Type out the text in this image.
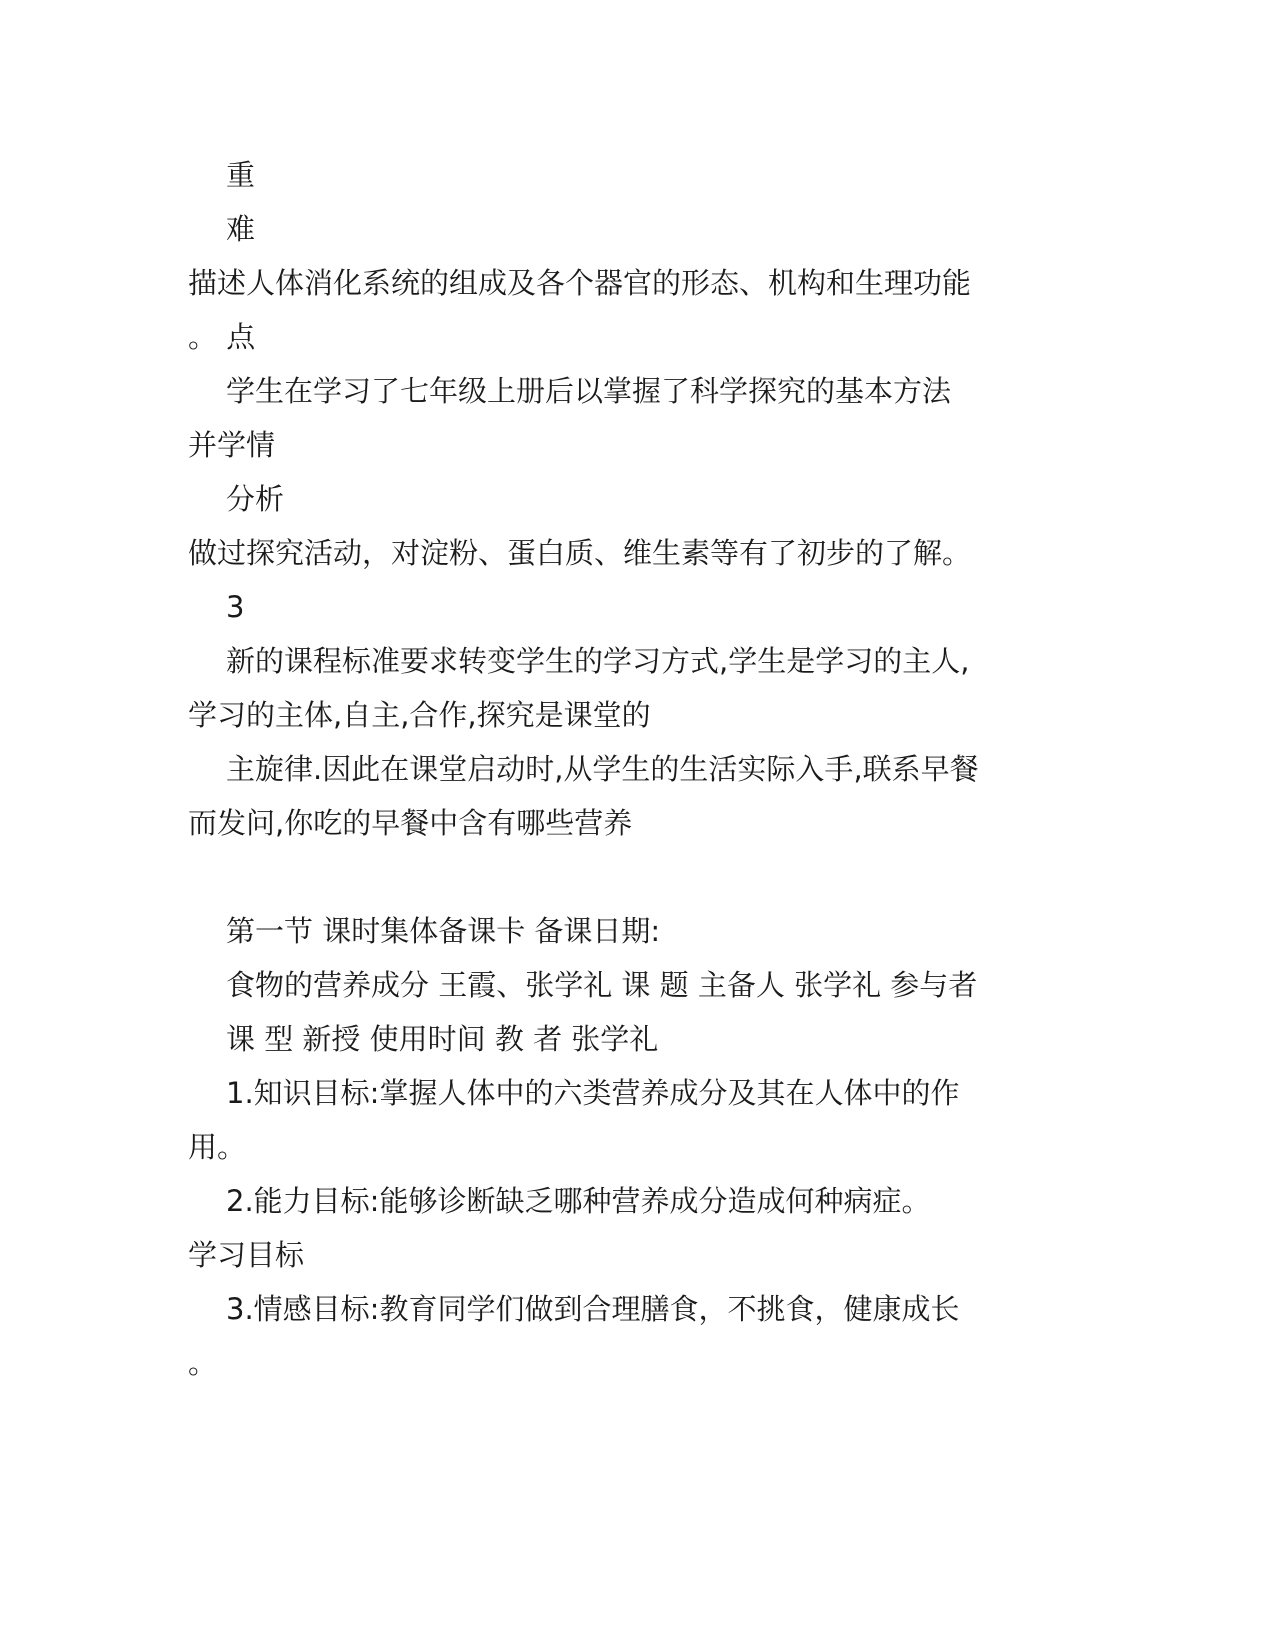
重

难

描述人体消化系统的组成及各个器官的形态、机构和生理功能

。 点

学生在学习了七年级上册后以掌握了科学探究的基本方法

并学情

分析

做过探究活动，对淀粉、蛋白质、维生素等有了初步的了解。

3

新的课程标准要求转变学生的学习方式,学生是学习的主人,

学习的主体,自主,合作,探究是课堂的

主旋律.因此在课堂启动时,从学生的生活实际入手,联系早餐

而发问,你吃的早餐中含有哪些营养

第一节 课时集体备课卡 备课日期:

食物的营养成分 王霞、张学礼 课 题 主备人 张学礼 参与者

课 型 新授 使用时间 教 者 张学礼

1.知识目标:掌握人体中的六类营养成分及其在人体中的作

用。

2.能力目标:能够诊断缺乏哪种营养成分造成何种病症。

学习目标

3.情感目标:教育同学们做到合理膳食，不挑食，健康成长

。
